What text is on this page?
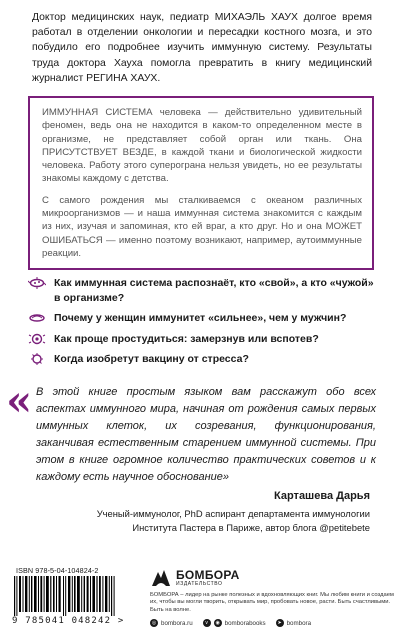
Доктор медицинских наук, педиатр МИХАЭЛЬ ХАУХ долгое время работал в отделении онкологии и пересадки костного мозга, и это побудило его подробнее изучить иммунную систему. Результаты труда доктора Хауха помогла превратить в книгу медицинский журналист РЕГИНА ХАУХ.

ИММУННАЯ СИСТЕМА человека — действительно удивительный феномен, ведь она не находится в каком-то определенном месте в организме, не представляет собой орган или ткань. Она ПРИСУТСТВУЕТ ВЕЗДЕ, в каждой ткани и биологической жидкости человека. Работу этого суперограна нельзя увидеть, но ее результаты знакомы каждому с детства.

С самого рождения мы сталкиваемся с океаном различных микроорганизмов — и наша иммунная система знакомится с каждым из них, изучая и запоминая, кто ей враг, а кто друг. Но и она МОЖЕТ ОШИБАТЬСЯ — именно поэтому возникают, например, аутоиммунные реакции.

Как иммунная система распознаёт, кто «свой», а кто «чужой» в организме?
Почему у женщин иммунитет «сильнее», чем у мужчин?
Как проще простудиться: замерзнув или вспотев?
Когда изобретут вакцину от стресса?
« В этой книге простым языком вам расскажут обо всех аспектах иммунного мира, начиная от рождения самых первых иммунных клеток, их созревания, функционирования, заканчивая естественным старением иммунной системы. При этом в книге огромное количество практических советов и к каждому есть научное обоснование»

Карташева Дарья
Ученый-иммунолог, PhD аспирант департамента иммунологии Института Пастера в Париже, автор блога @petitebete
ISBN 978-5-04-104824-2
9 785041 048242 >
БОМБОРА
ИЗДАТЕЛЬСТВО
БОМБОРА – лидер на рынке полезных и вдохновляющих книг. Мы любим книги и создаем их, чтобы вы могли творить, открывать мир, пробовать новое, расти. Быть счастливыми. Быть на волне.
◎ bombora.ru	v	◉ bomborabooks	➤ bombora
